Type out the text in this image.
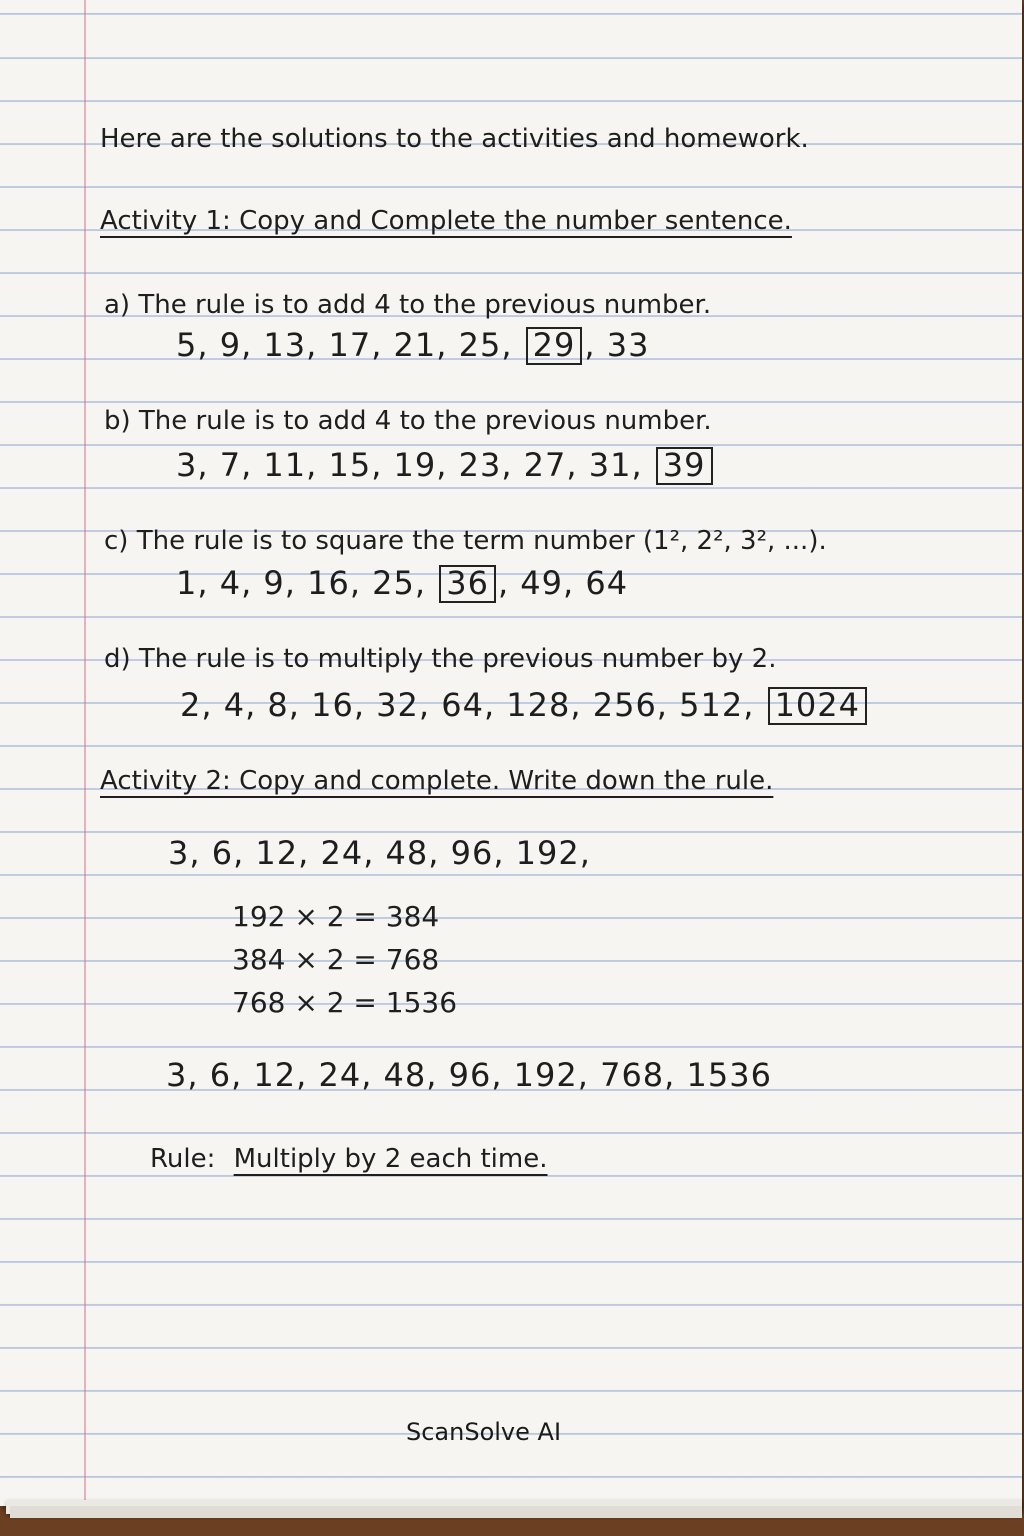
Here are the solutions to the activities and homework.
Activity 1: Copy and Complete the number sentence.
a) The rule is to add 4 to the previous number.
5, 9, 13, 17, 21, 25, 29 , 33
b) The rule is to add 4 to the previous number.
3, 7, 11, 15, 19, 23, 27, 31, 39
c) The rule is to square the term number (1², 2², 3², ...).
1, 4, 9, 16, 25, 36 , 49, 64
d) The rule is to multiply the previous number by 2.
2, 4, 8, 16, 32, 64, 128, 256, 512, 1024
Activity 2: Copy and complete. Write down the rule.
3, 6, 12, 24, 48, 96, 192,
192 × 2 = 384
384 × 2 = 768
768 × 2 = 1536
3, 6, 12, 24, 48, 96, 192, 768, 1536
Rule: Multiply by 2 each time.
ScanSolve AI
